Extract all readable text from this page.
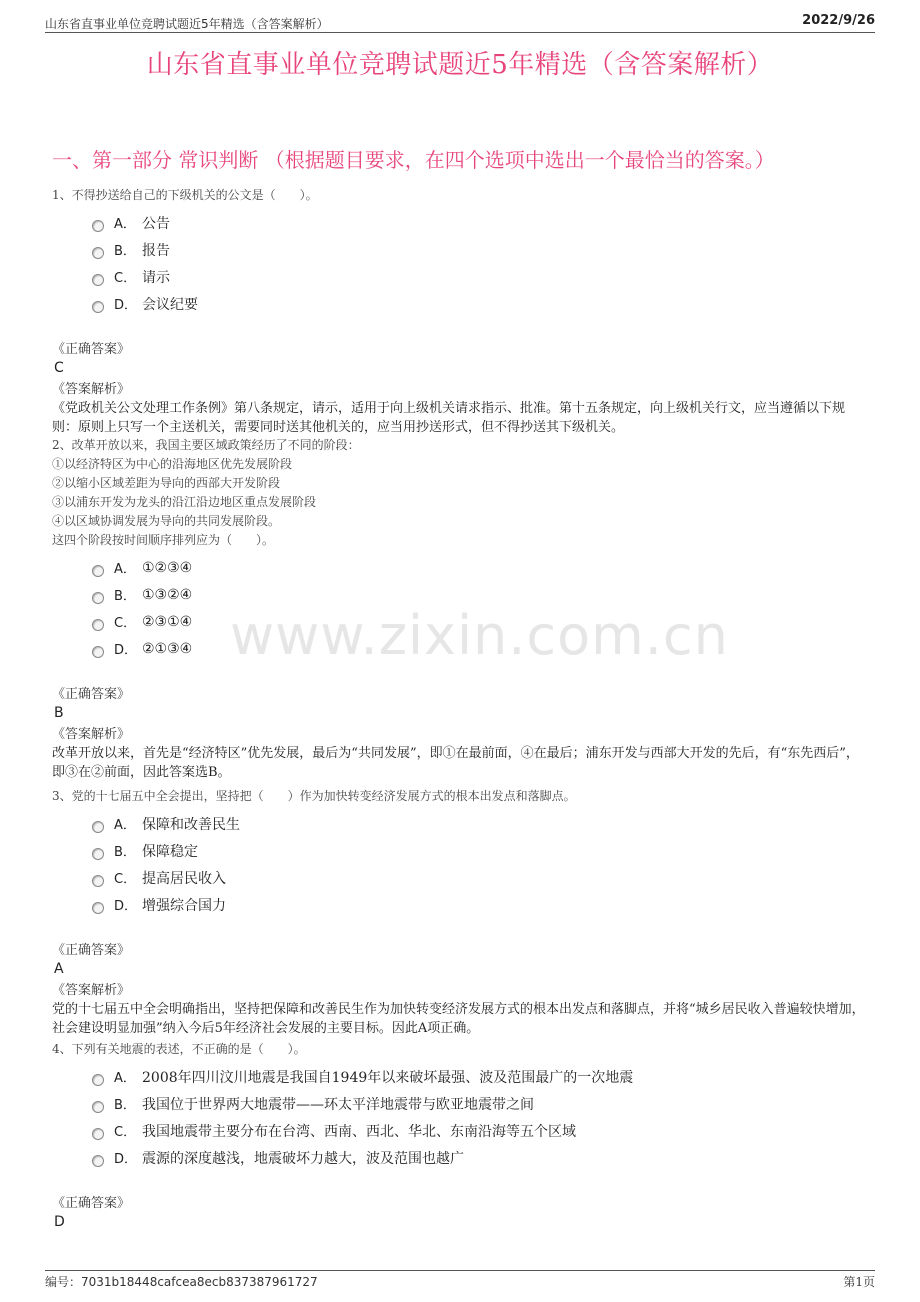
山东省直事业单位竞聘试题近5年精选（含答案解析）	2022/9/26
山东省直事业单位竞聘试题近5年精选（含答案解析）
一、第一部分 常识判断 （根据题目要求，在四个选项中选出一个最恰当的答案。）
www.zixin.com.cn
1、不得抄送给自己的下级机关的公文是（　　）。
A． 公告
B． 报告
C． 请示
D． 会议纪要
《正确答案》
C
《答案解析》
《党政机关公文处理工作条例》第八条规定，请示，适用于向上级机关请求指示、批准。第十五条规定，向上级机关行文，应当遵循以下规则：原则上只写一个主送机关，需要同时送其他机关的，应当用抄送形式，但不得抄送其下级机关。
2、改革开放以来，我国主要区域政策经历了不同的阶段：
①以经济特区为中心的沿海地区优先发展阶段
②以缩小区域差距为导向的西部大开发阶段
③以浦东开发为龙头的沿江沿边地区重点发展阶段
④以区域协调发展为导向的共同发展阶段。
这四个阶段按时间顺序排列应为（　　）。
A． ①②③④
B． ①③②④
C． ②③①④
D． ②①③④
《正确答案》
B
《答案解析》
改革开放以来，首先是“经济特区”优先发展，最后为“共同发展”，即①在最前面，④在最后；浦东开发与西部大开发的先后，有“东先西后”，即③在②前面，因此答案选B。
3、党的十七届五中全会提出，坚持把（　　）作为加快转变经济发展方式的根本出发点和落脚点。
A． 保障和改善民生
B． 保障稳定
C． 提高居民收入
D． 增强综合国力
《正确答案》
A
《答案解析》
党的十七届五中全会明确指出，坚持把保障和改善民生作为加快转变经济发展方式的根本出发点和落脚点，并将“城乡居民收入普遍较快增加，社会建设明显加强”纳入今后5年经济社会发展的主要目标。因此A项正确。
4、下列有关地震的表述，不正确的是（　　）。
A． 2008年四川汶川地震是我国自1949年以来破坏最强、波及范围最广的一次地震
B． 我国位于世界两大地震带——环太平洋地震带与欧亚地震带之间
C． 我国地震带主要分布在台湾、西南、西北、华北、东南沿海等五个区域
D． 震源的深度越浅，地震破坏力越大，波及范围也越广
《正确答案》
D
编号：7031b18448cafcea8ecb837387961727	第1页
